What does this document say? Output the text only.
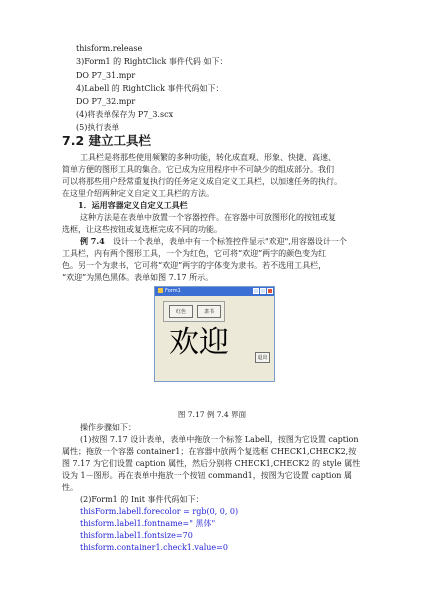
thisform.release
3)Form1 的 RightClick 事件代码 如下：
DO P7_31.mpr
4)Labell 的 RightClick 事件代码如下：
DO P7_32.mpr
(4)将表单保存为 P7_3.scx
(5)执行表单
7.2 建立工具栏
工具栏是将那些使用频繁的多种功能，转化成直观、形象、快捷、高速、
简单方便的图形工具的集合。它已成为应用程序中不可缺少的组成部分。我们
可以将那些用户经常重复执行的任务定义成自定义工具栏，以加速任务的执行。
在这里介绍两种定义自定义工具栏的方法。
1．运用容器定义自定义工具栏
这种方法是在表单中放置一个容器控件。在容器中可放图形化的按钮或复
选框，让这些按钮或复选框完成不同的功能。
例 7.4 设计一个表单，表单中有一个标签控件显示"欢迎",用容器设计一个
工具栏，内有两个图形工具，一个为红色，它可将“欢迎”两字的颜色变为红
色。另一个为隶书，它可将“欢迎”两字的字体变为隶书。若不选用工具栏，
“欢迎”为黑色黑体。表单如图 7.17 所示。
Form1
红色	隶书
欢迎	退出
图 7.17 例 7.4 界面
操作步骤如下：
(1)按图 7.17 设计表单，表单中拖放一个标签 Labell，按图为它设置 caption
属性；拖放一个容器 container1；在容器中放两个复选框 CHECK1,CHECK2,按
图 7.17 为它们设置 caption 属性，然后分别将 CHECK1,CHECK2 的 style 属性
设为 1－图形。再在表单中拖放一个按钮 command1，按图为它设置 caption 属
性。
(2)Form1 的 Init 事件代码如下：
thisForm.labell.forecolor = rgb(0, 0, 0)
thisform.label1.fontname=" 黑体"
thisform.label1.fontsize=70
thisform.container1.check1.value=0
